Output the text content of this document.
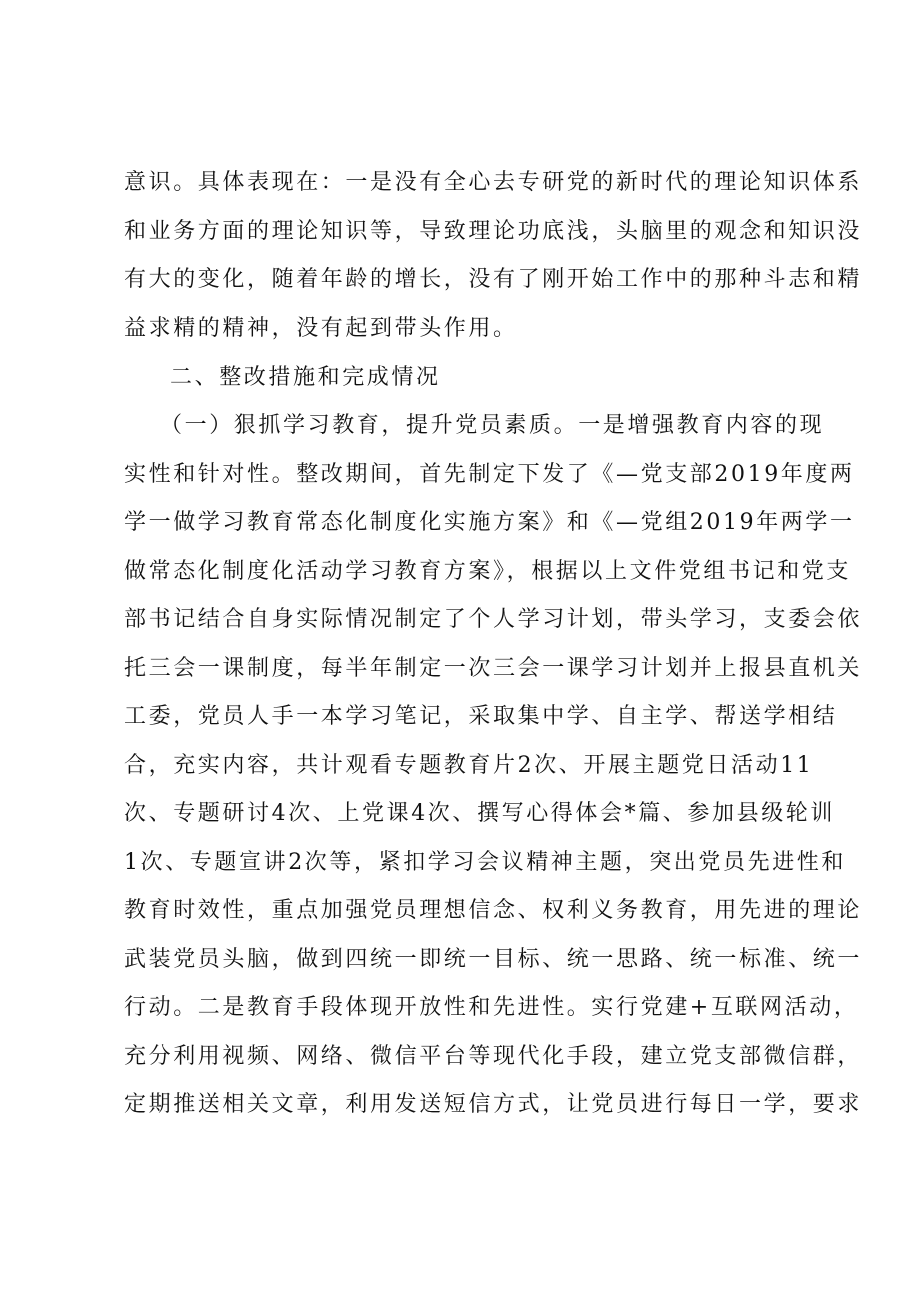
意识。具体表现在：一是没有全心去专研党的新时代的理论知识体系

和业务方面的理论知识等，导致理论功底浅，头脑里的观念和知识没

有大的变化，随着年龄的增长，没有了刚开始工作中的那种斗志和精

益求精的精神，没有起到带头作用。

二、整改措施和完成情况

（一）狠抓学习教育，提升党员素质。一是增强教育内容的现

实性和针对性。整改期间，首先制定下发了《—党支部2019年度两

学一做学习教育常态化制度化实施方案》和《—党组2019年两学一

做常态化制度化活动学习教育方案》，根据以上文件党组书记和党支

部书记结合自身实际情况制定了个人学习计划，带头学习，支委会依

托三会一课制度，每半年制定一次三会一课学习计划并上报县直机关

工委，党员人手一本学习笔记，采取集中学、自主学、帮送学相结

合，充实内容，共计观看专题教育片2次、开展主题党日活动11

次、专题研讨4次、上党课4次、撰写心得体会*篇、参加县级轮训

1次、专题宣讲2次等，紧扣学习会议精神主题，突出党员先进性和

教育时效性，重点加强党员理想信念、权利义务教育，用先进的理论

武装党员头脑，做到四统一即统一目标、统一思路、统一标准、统一

行动。二是教育手段体现开放性和先进性。实行党建+互联网活动，

充分利用视频、网络、微信平台等现代化手段，建立党支部微信群，

定期推送相关文章，利用发送短信方式，让党员进行每日一学，要求
